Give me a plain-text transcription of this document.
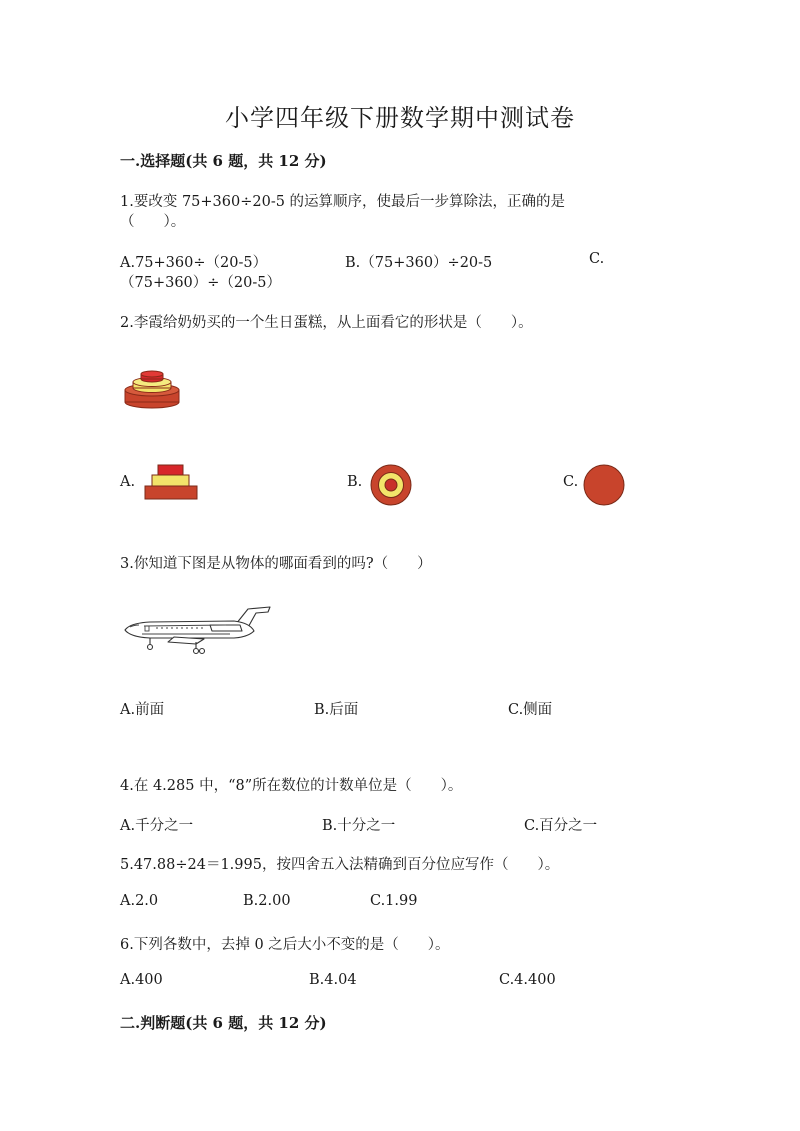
小学四年级下册数学期中测试卷
一.选择题(共 6 题，共 12 分)
1.要改变 75+360÷20-5 的运算顺序，使最后一步算除法，正确的是
（　　）。
A.75+360÷（20-5）	B.（75+360）÷20-5	C.
（75+360）÷（20-5）
2.李霞给奶奶买的一个生日蛋糕，从上面看它的形状是（　　）。
A.	B.	C.
3.你知道下图是从物体的哪面看到的吗?（　　）
A.前面	B.后面	C.侧面
4.在 4.285 中，“8”所在数位的计数单位是（　　）。
A.千分之一	B.十分之一	C.百分之一
5.47.88÷24＝1.995，按四舍五入法精确到百分位应写作（　　）。
A.2.0	B.2.00	C.1.99
6.下列各数中，去掉 0 之后大小不变的是（　　）。
A.400	B.4.04	C.4.400
二.判断题(共 6 题，共 12 分)
